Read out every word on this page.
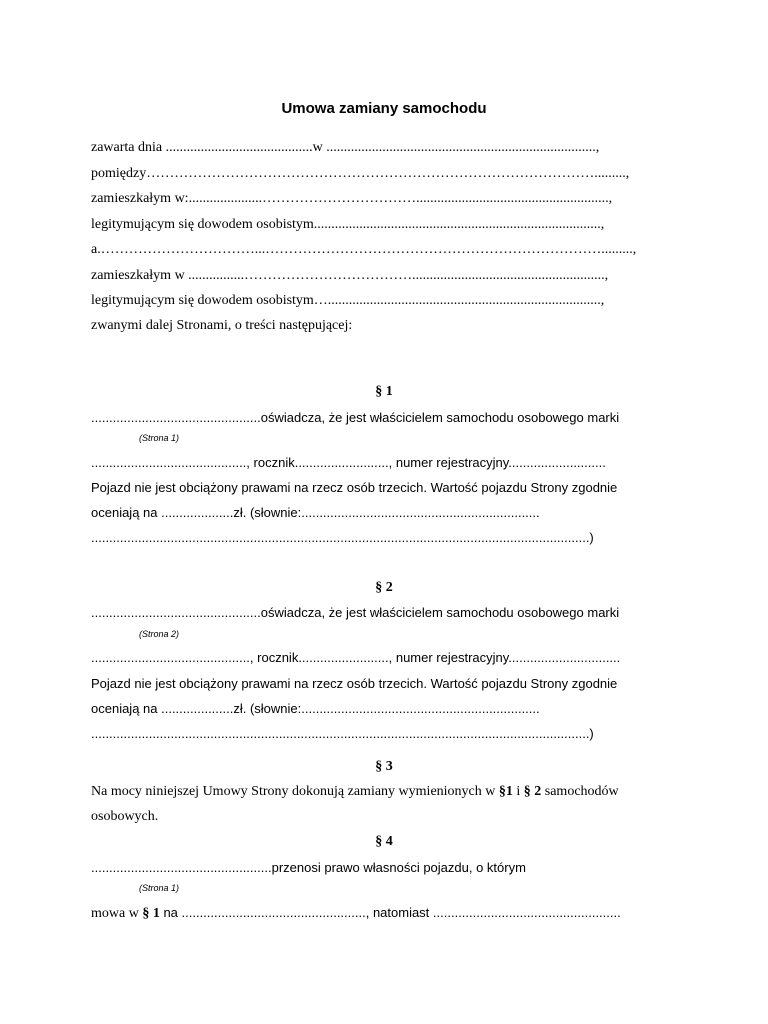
Umowa zamiany samochodu
zawarta dnia ..........................................w .............................................................................,
pomiędzy…………………………………………………………………………………….........,
zamieszkałym w:.....................…………………………….......................................................,
legitymującym się dowodem osobistym..................................................................................,
a.……………………………...……………………………………………………………….........,
zamieszkałym w ................……………………………….......................................................,
legitymującym się dowodem osobistym…..............................................................................,
zwanymi dalej Stronami, o treści następującej:
§ 1
...............................................oświadcza, że jest właścicielem samochodu osobowego marki
(Strona 1)
..........................................., rocznik.........................., numer rejestracyjny...........................
Pojazd nie jest obciążony prawami na rzecz osób trzecich. Wartość pojazdu Strony zgodnie
oceniają na ....................zł. (słownie:..................................................................
..........................................................................................................................................)
§ 2
...............................................oświadcza, że jest właścicielem samochodu osobowego marki
(Strona 2)
............................................, rocznik........................., numer rejestracyjny...............................
Pojazd nie jest obciążony prawami na rzecz osób trzecich. Wartość pojazdu Strony zgodnie
oceniają na ....................zł. (słownie:..................................................................
..........................................................................................................................................)
§ 3
Na mocy niniejszej Umowy Strony dokonują zamiany wymienionych w §1 i § 2 samochodów
osobowych.
§ 4
..................................................przenosi prawo własności pojazdu, o którym
(Strona 1)
mowa w § 1 na ..................................................., natomiast ....................................................
